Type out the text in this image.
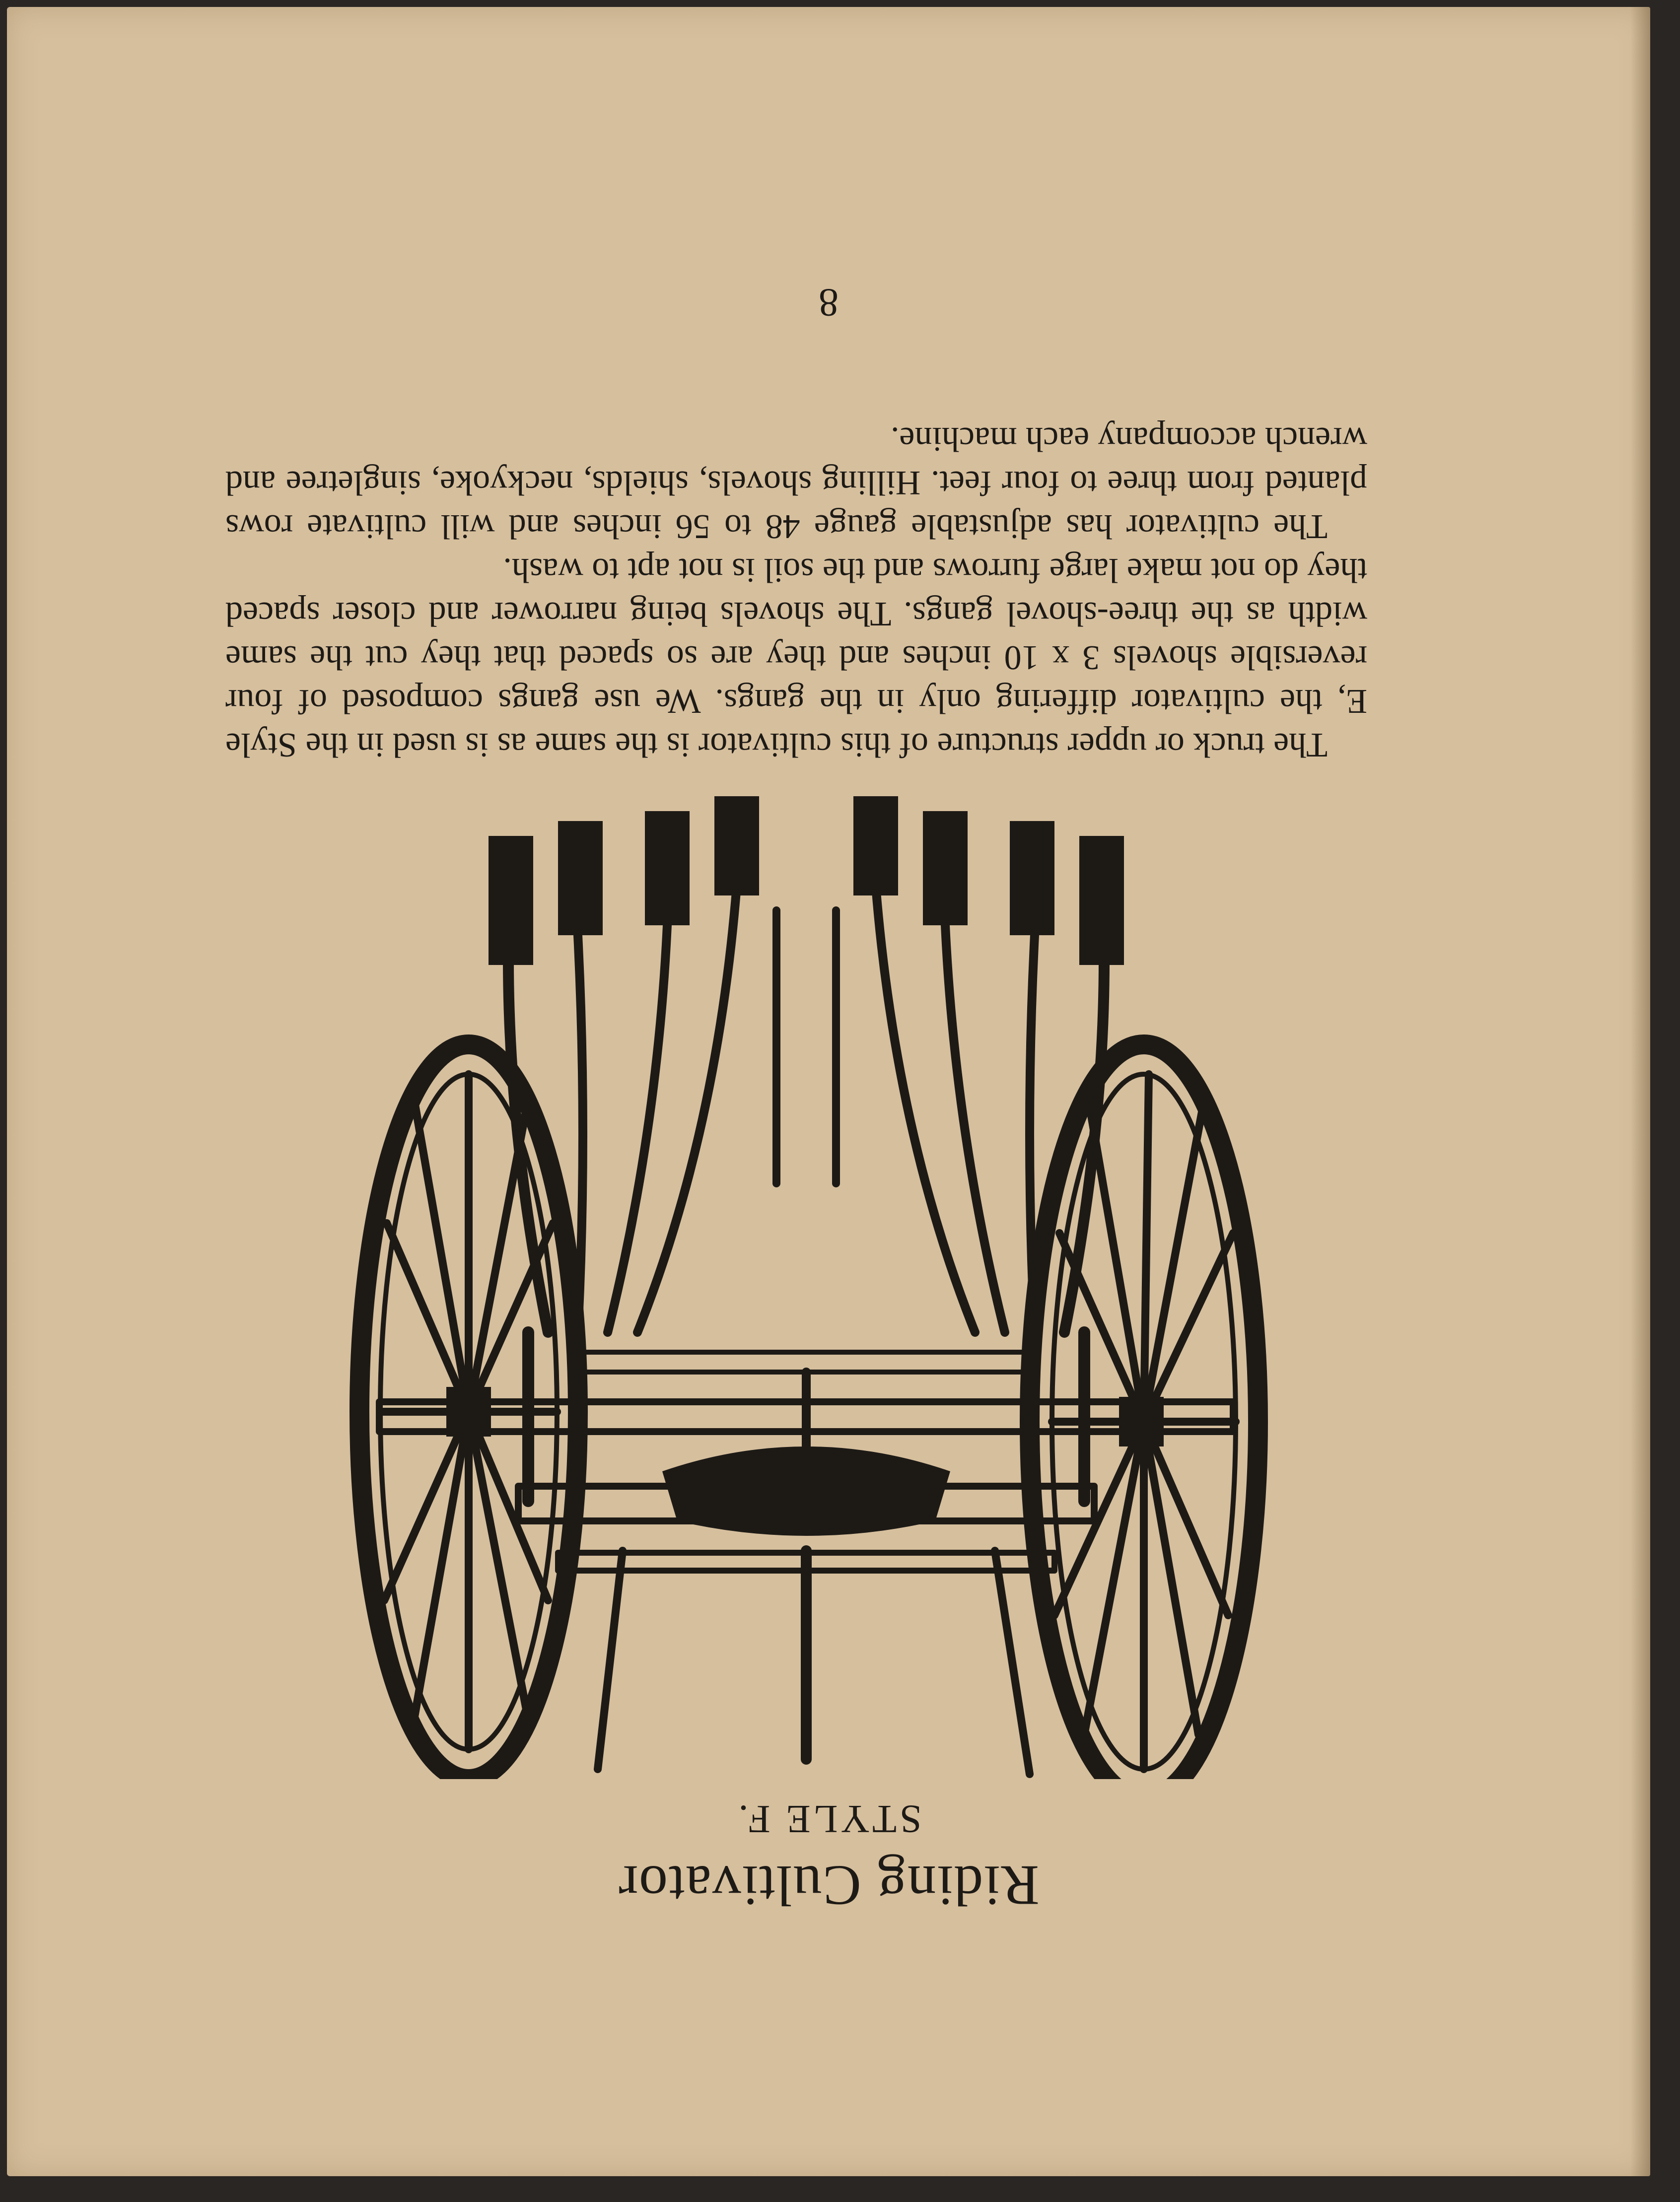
Riding Cultivator
STYLE F.

The truck or upper structure of this cultivator is the same as is used in the Style E, the cultivator differing only in the gangs. We use gangs composed of four reversible shovels 3 x 10 inches and they are so spaced that they cut the same width as the three-shovel gangs. The shovels being narrower and closer spaced they do not make large furrows and the soil is not apt to wash.

The cultivator has adjustable gauge 48 to 56 inches and will cultivate rows planted from three to four feet. Hilling shovels, shields, neckyoke, singletree and wrench accompany each machine.

8
